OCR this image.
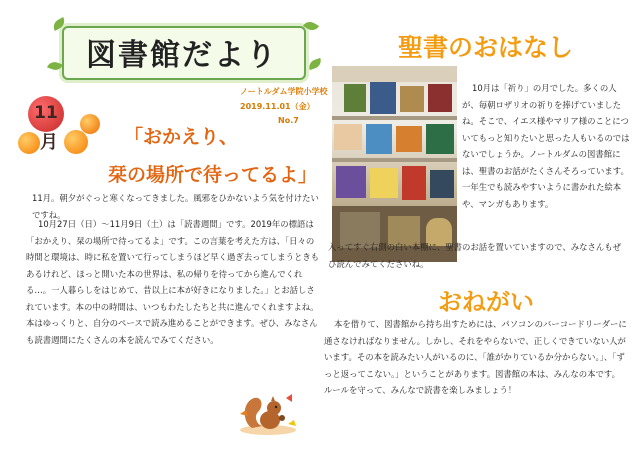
図書館だより
ノートルダム学院小学校
2019.11.01（金）
No.7
11
月	「おかえり、
栞の場所で待ってるよ」
11月。朝夕がぐっと寒くなってきました。風邪をひかないよう気を付けたいですね。
10月27日（日）～11月9日（土）は「読書週間」です。2019年の標語は「おかえり、栞の場所で待ってるよ」です。この言葉を考えた方は、「日々の時間と環境は、時に私を置いて行ってしまうほど早く過ぎ去ってしまうときもあるけれど、ほっと開いた本の世界は、私の帰りを待ってから進んでくれる…。一人暮らしをはじめて、昔以上に本が好きになりました。」とお話しされています。本の中の時間は、いつもわたしたちと共に進んでくれますよね。本はゆっくりと、自分のペースで読み進めることができます。ぜひ、みなさんも読書週間にたくさんの本を読んでみてください。
聖書のおはなし
10月は「祈り」の月でした。多くの人が、毎朝ロザリオの祈りを捧げていましたね。そこで、イエス様やマリア様のことについてもっと知りたいと思った人もいるのではないでしょうか。ノートルダムの図書館には、聖書のお話がたくさんそろっています。一年生でも読みやすいように書かれた絵本や、マンガもあります。
入ってすぐ右側の白い本棚に、聖書のお話を置いていますので、みなさんもぜひ読んでみてくださいね。
おねがい
本を借りて、図書館から持ち出すためには、パソコンのバーコードリーダーに通さなければなりません。しかし、それをやらないで、正しくできていない人がいます。その本を読みたい人がいるのに、「誰がかりているか分からない。」、「ずっと返ってこない。」ということがあります。図書館の本は、みんなの本です。ルールを守って、みんなで読書を楽しみましょう！
